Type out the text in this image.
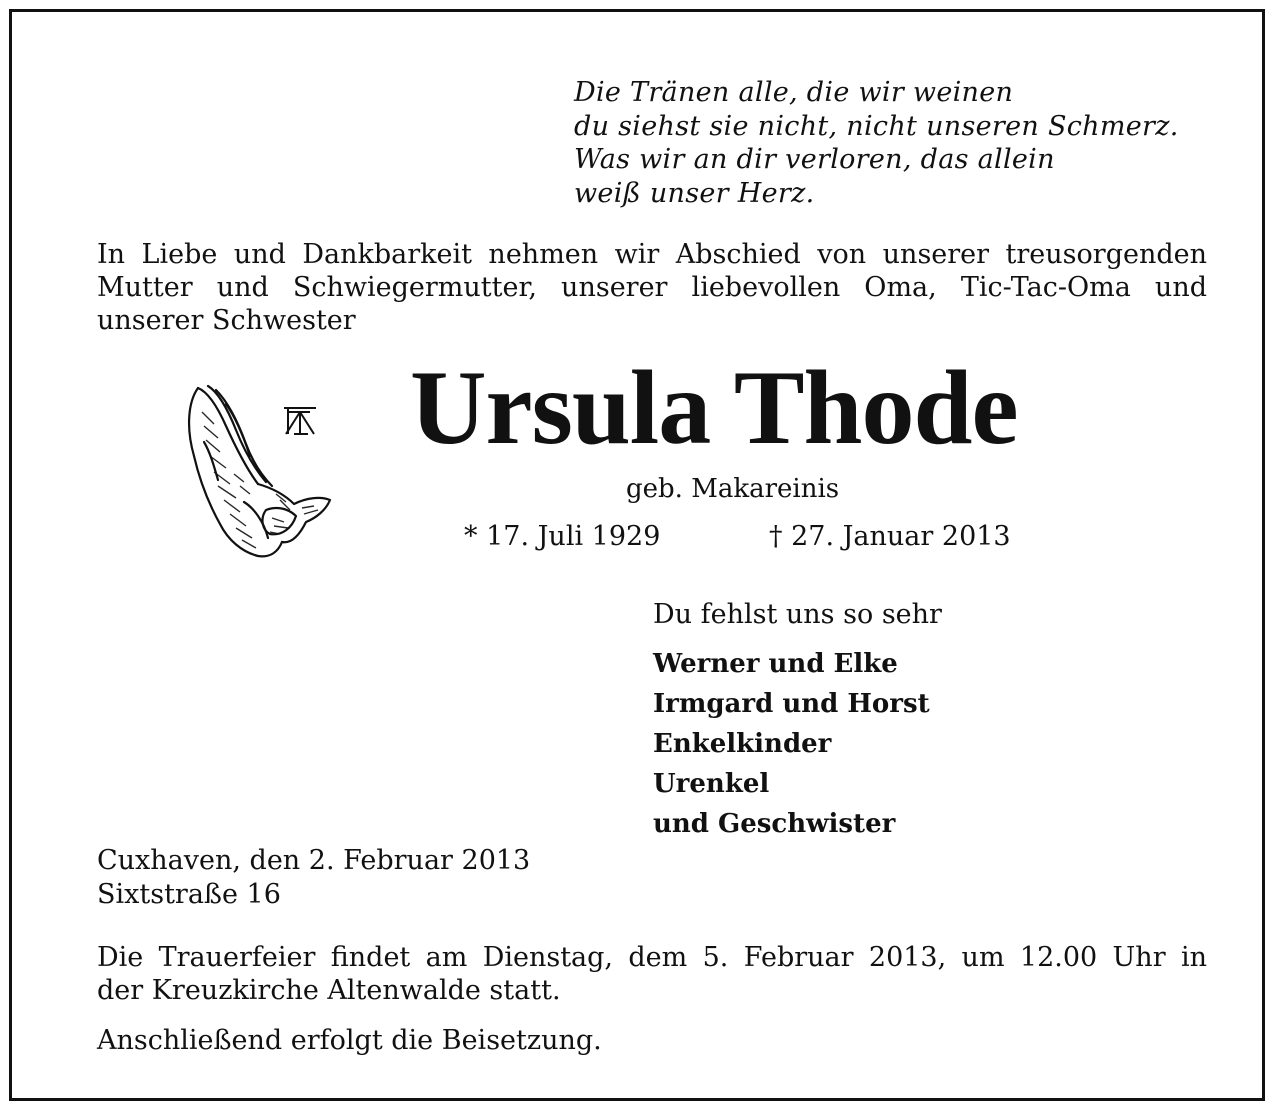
Die Tränen alle, die wir weinen
du siehst sie nicht, nicht unseren Schmerz.
Was wir an dir verloren, das allein
weiß unser Herz.
In Liebe und Dankbarkeit nehmen wir Abschied von unserer treusorgenden
Mutter und Schwiegermutter, unserer liebevollen Oma, Tic-Tac-Oma und
unserer Schwester
Ursula Thode
geb. Makareinis
* 17. Juli 1929	† 27. Januar 2013
Du fehlst uns so sehr
Werner und Elke
Irmgard und Horst
Enkelkinder
Urenkel
und Geschwister
Cuxhaven, den 2. Februar 2013
Sixtstraße 16
Die Trauerfeier findet am Dienstag, dem 5. Februar 2013, um 12.00 Uhr in
der Kreuzkirche Altenwalde statt.
Anschließend erfolgt die Beisetzung.
